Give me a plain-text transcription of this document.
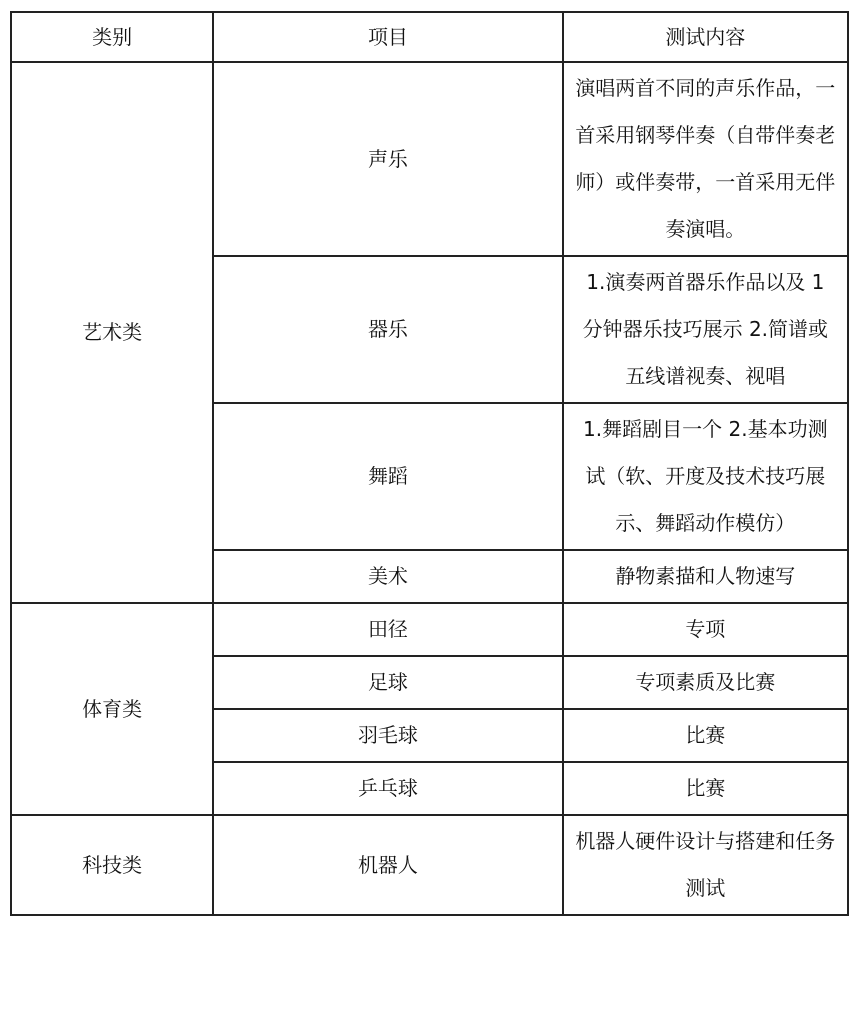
类别	项目	测试内容
艺术类	声乐	演唱两首不同的声乐作品，一首采用钢琴伴奏（自带伴奏老师）或伴奏带，一首采用无伴奏演唱。
	器乐	1.演奏两首器乐作品以及 1 分钟器乐技巧展示 2.简谱或五线谱视奏、视唱
	舞蹈	1.舞蹈剧目一个 2.基本功测试（软、开度及技术技巧展示、舞蹈动作模仿）
	美术	静物素描和人物速写
体育类	田径	专项
	足球	专项素质及比赛
	羽毛球	比赛
	乒乓球	比赛
科技类	机器人	机器人硬件设计与搭建和任务测试
